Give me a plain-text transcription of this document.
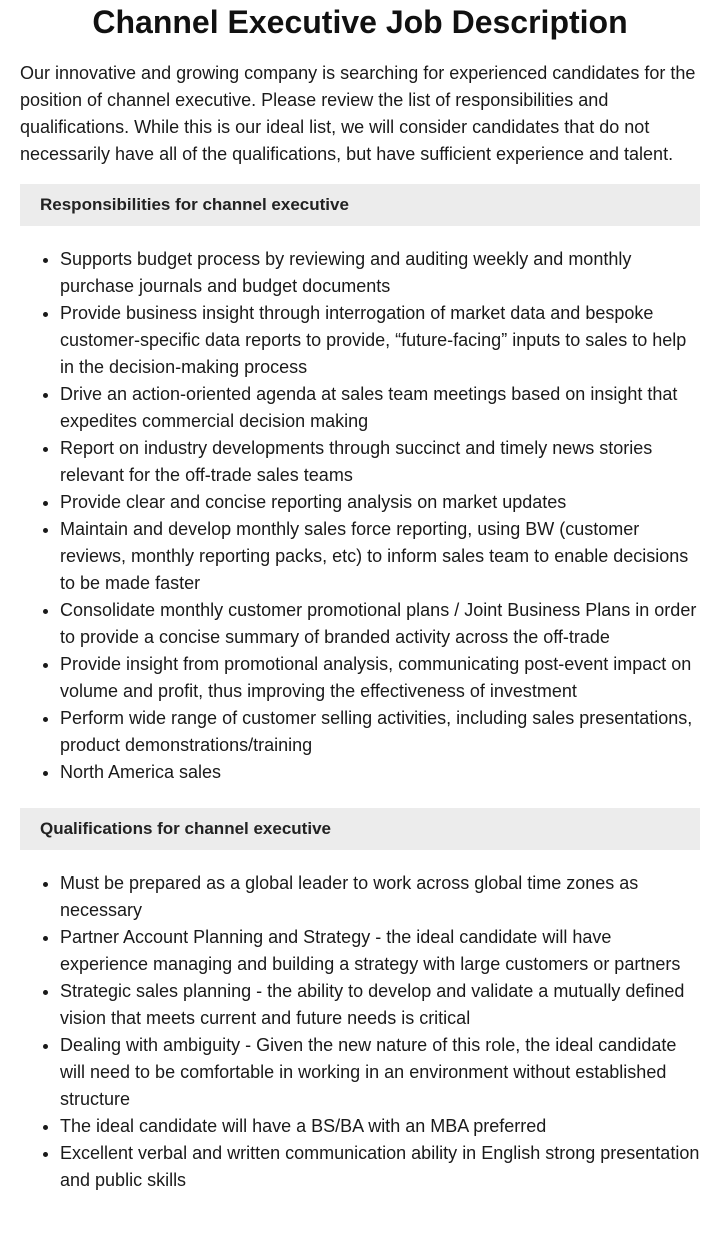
Channel Executive Job Description

Our innovative and growing company is searching for experienced candidates for the position of channel executive. Please review the list of responsibilities and qualifications. While this is our ideal list, we will consider candidates that do not necessarily have all of the qualifications, but have sufficient experience and talent.

Responsibilities for channel executive
• Supports budget process by reviewing and auditing weekly and monthly purchase journals and budget documents
• Provide business insight through interrogation of market data and bespoke customer-specific data reports to provide, “future-facing” inputs to sales to help in the decision-making process
• Drive an action-oriented agenda at sales team meetings based on insight that expedites commercial decision making
• Report on industry developments through succinct and timely news stories relevant for the off-trade sales teams
• Provide clear and concise reporting analysis on market updates
• Maintain and develop monthly sales force reporting, using BW (customer reviews, monthly reporting packs, etc) to inform sales team to enable decisions to be made faster
• Consolidate monthly customer promotional plans / Joint Business Plans in order to provide a concise summary of branded activity across the off-trade
• Provide insight from promotional analysis, communicating post-event impact on volume and profit, thus improving the effectiveness of investment
• Perform wide range of customer selling activities, including sales presentations, product demonstrations/training
• North America sales
Qualifications for channel executive
• Must be prepared as a global leader to work across global time zones as necessary
• Partner Account Planning and Strategy - the ideal candidate will have experience managing and building a strategy with large customers or partners
• Strategic sales planning - the ability to develop and validate a mutually defined vision that meets current and future needs is critical
• Dealing with ambiguity - Given the new nature of this role, the ideal candidate will need to be comfortable in working in an environment without established structure
• The ideal candidate will have a BS/BA with an MBA preferred
• Excellent verbal and written communication ability in English strong presentation and public skills
